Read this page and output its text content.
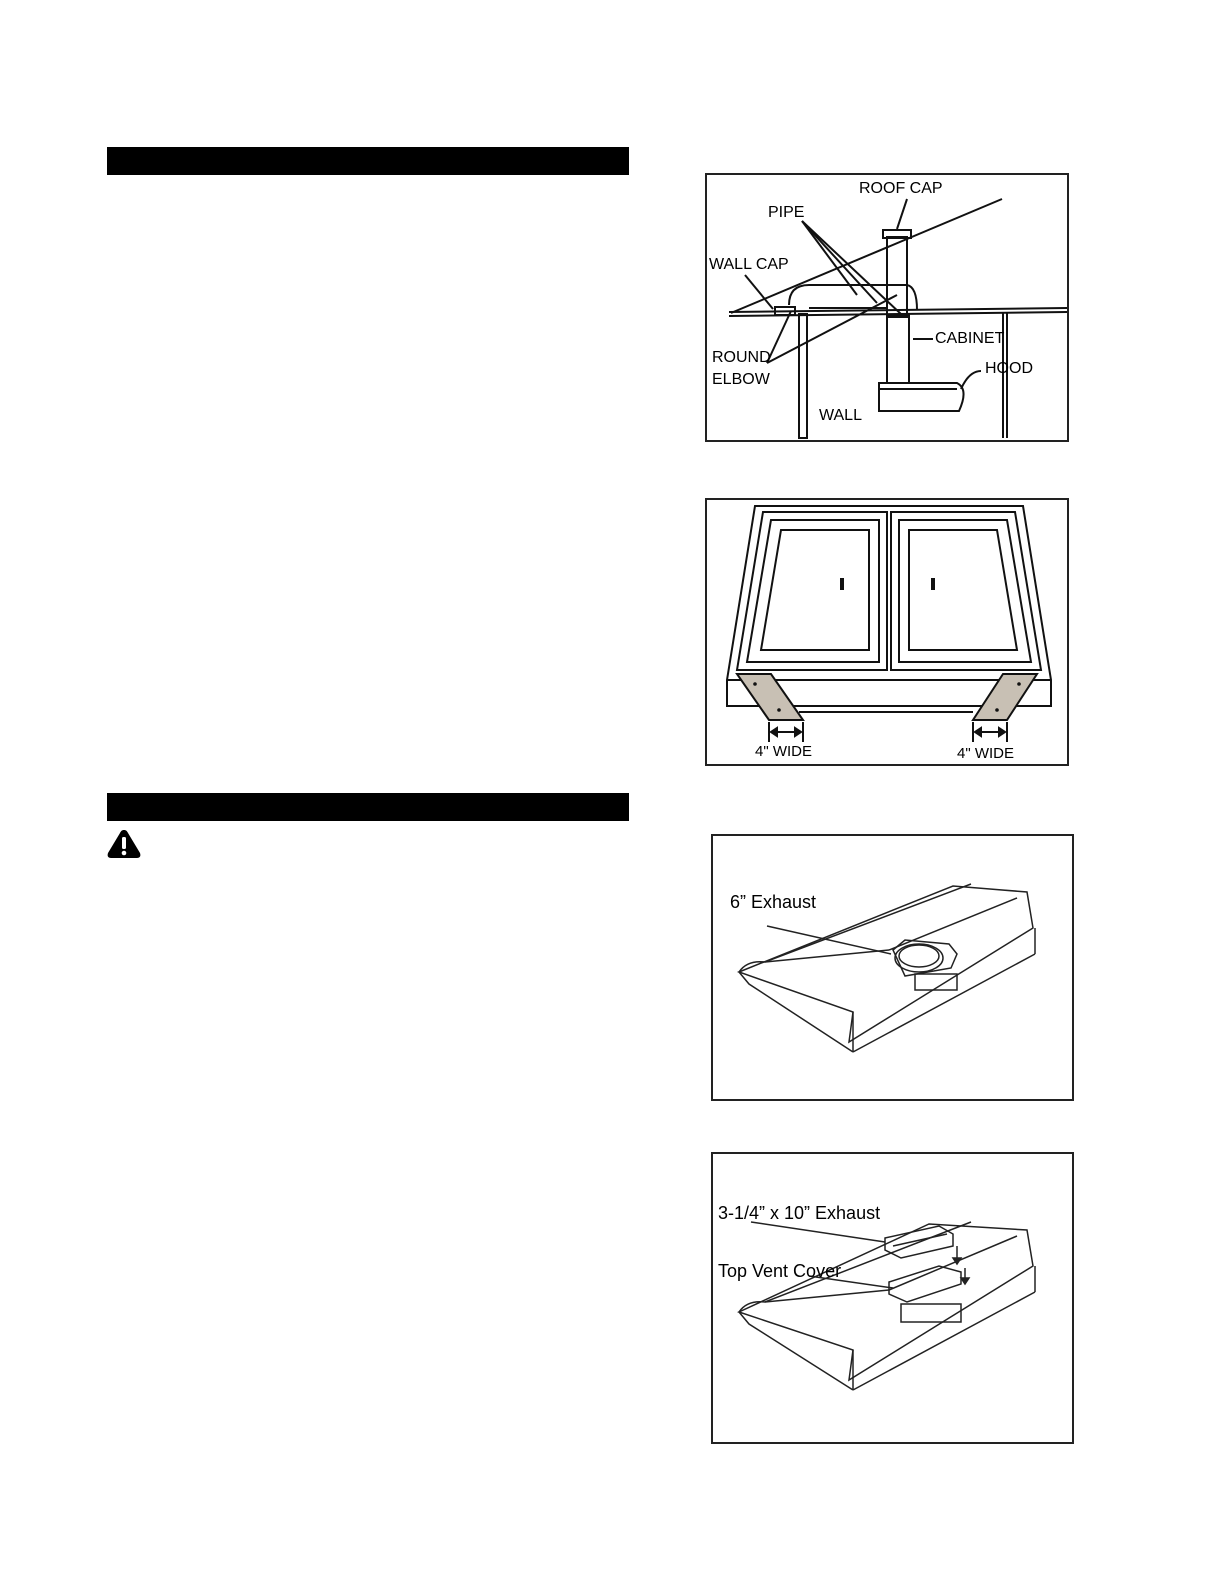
ROOF CAP
PIPE
WALL CAP
ROUND
ELBOW
CABINET
HOOD
WALL
4" WIDE	4" WIDE
6” Exhaust
3-1/4” x 10” Exhaust
Top Vent Cover
